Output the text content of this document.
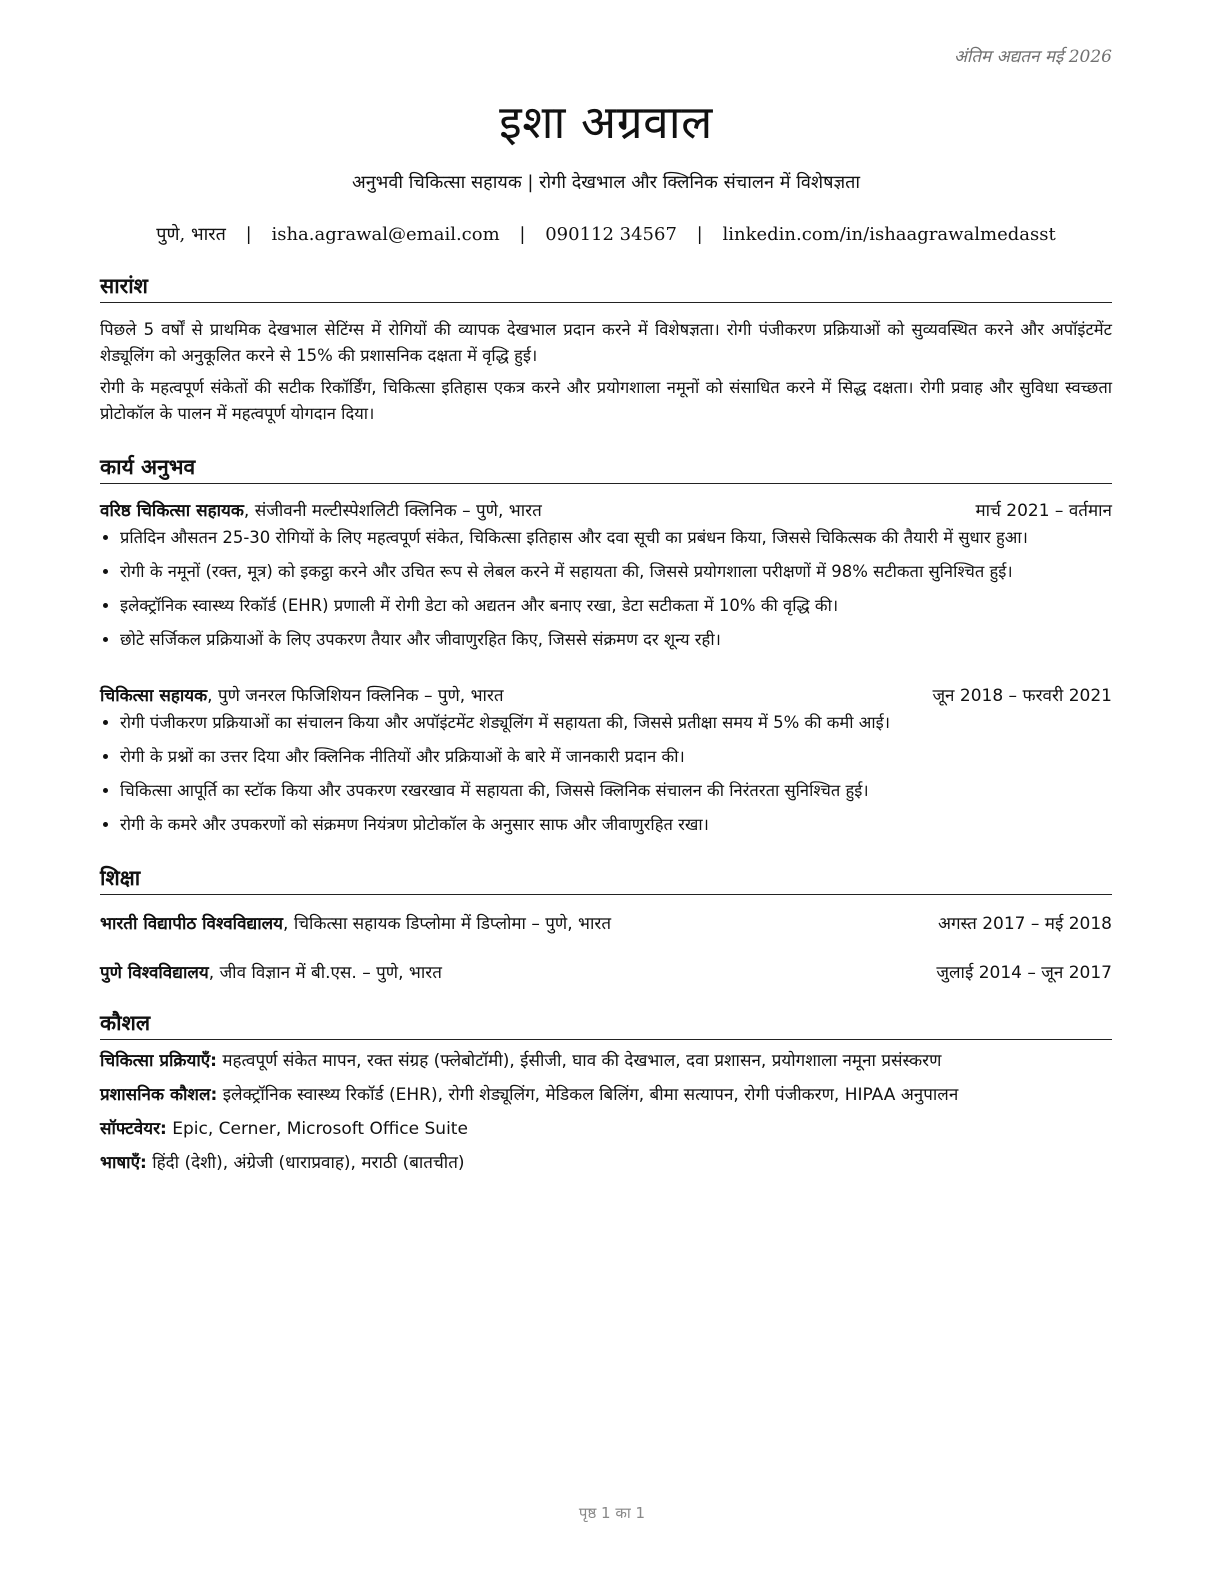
अंतिम अद्यतन मई 2026
इशा अग्रवाल
अनुभवी चिकित्सा सहायक | रोगी देखभाल और क्लिनिक संचालन में विशेषज्ञता
पुणे, भारत | isha.agrawal@email.com | 090112 34567 | linkedin.com/in/ishaagrawalmedasst
सारांश
पिछले 5 वर्षों से प्राथमिक देखभाल सेटिंग्स में रोगियों की व्यापक देखभाल प्रदान करने में विशेषज्ञता। रोगी पंजीकरण प्रक्रियाओं को सुव्यवस्थित करने और अपॉइंटमेंट शेड्यूलिंग को अनुकूलित करने से 15% की प्रशासनिक दक्षता में वृद्धि हुई।
रोगी के महत्वपूर्ण संकेतों की सटीक रिकॉर्डिंग, चिकित्सा इतिहास एकत्र करने और प्रयोगशाला नमूनों को संसाधित करने में सिद्ध दक्षता। रोगी प्रवाह और सुविधा स्वच्छता प्रोटोकॉल के पालन में महत्वपूर्ण योगदान दिया।
कार्य अनुभव
वरिष्ठ चिकित्सा सहायक, संजीवनी मल्टीस्पेशलिटी क्लिनिक – पुणे, भारत	मार्च 2021 – वर्तमान
• प्रतिदिन औसतन 25-30 रोगियों के लिए महत्वपूर्ण संकेत, चिकित्सा इतिहास और दवा सूची का प्रबंधन किया, जिससे चिकित्सक की तैयारी में सुधार हुआ।
• रोगी के नमूनों (रक्त, मूत्र) को इकट्ठा करने और उचित रूप से लेबल करने में सहायता की, जिससे प्रयोगशाला परीक्षणों में 98% सटीकता सुनिश्चित हुई।
• इलेक्ट्रॉनिक स्वास्थ्य रिकॉर्ड (EHR) प्रणाली में रोगी डेटा को अद्यतन और बनाए रखा, डेटा सटीकता में 10% की वृद्धि की।
• छोटे सर्जिकल प्रक्रियाओं के लिए उपकरण तैयार और जीवाणुरहित किए, जिससे संक्रमण दर शून्य रही।
चिकित्सा सहायक, पुणे जनरल फिजिशियन क्लिनिक – पुणे, भारत	जून 2018 – फरवरी 2021
• रोगी पंजीकरण प्रक्रियाओं का संचालन किया और अपॉइंटमेंट शेड्यूलिंग में सहायता की, जिससे प्रतीक्षा समय में 5% की कमी आई।
• रोगी के प्रश्नों का उत्तर दिया और क्लिनिक नीतियों और प्रक्रियाओं के बारे में जानकारी प्रदान की।
• चिकित्सा आपूर्ति का स्टॉक किया और उपकरण रखरखाव में सहायता की, जिससे क्लिनिक संचालन की निरंतरता सुनिश्चित हुई।
• रोगी के कमरे और उपकरणों को संक्रमण नियंत्रण प्रोटोकॉल के अनुसार साफ और जीवाणुरहित रखा।
शिक्षा
भारती विद्यापीठ विश्वविद्यालय, चिकित्सा सहायक डिप्लोमा में डिप्लोमा – पुणे, भारत	अगस्त 2017 – मई 2018
पुणे विश्वविद्यालय, जीव विज्ञान में बी.एस. – पुणे, भारत	जुलाई 2014 – जून 2017
कौशल
चिकित्सा प्रक्रियाएँ: महत्वपूर्ण संकेत मापन, रक्त संग्रह (फ्लेबोटॉमी), ईसीजी, घाव की देखभाल, दवा प्रशासन, प्रयोगशाला नमूना प्रसंस्करण
प्रशासनिक कौशल: इलेक्ट्रॉनिक स्वास्थ्य रिकॉर्ड (EHR), रोगी शेड्यूलिंग, मेडिकल बिलिंग, बीमा सत्यापन, रोगी पंजीकरण, HIPAA अनुपालन
सॉफ्टवेयर: Epic, Cerner, Microsoft Office Suite
भाषाएँ: हिंदी (देशी), अंग्रेजी (धाराप्रवाह), मराठी (बातचीत)
पृष्ठ 1 का 1
